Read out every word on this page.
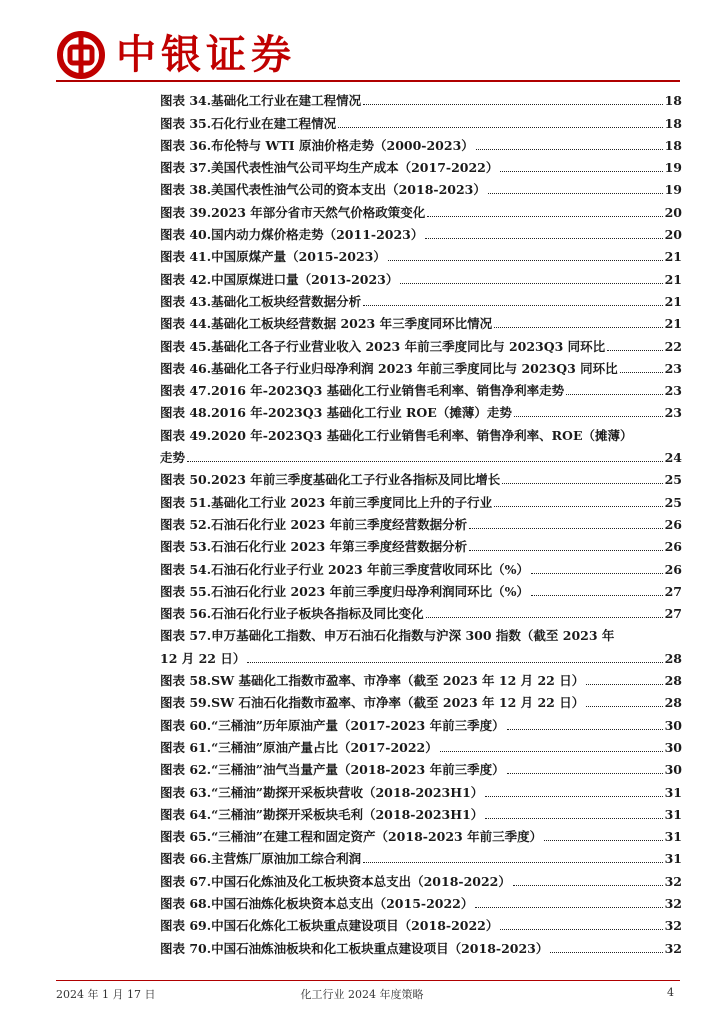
中银证券
图表 34. 基础化工行业在建工程情况	18
图表 35. 石化行业在建工程情况	18
图表 36. 布伦特与 WTI 原油价格走势（2000-2023）	18
图表 37. 美国代表性油气公司平均生产成本（2017-2022）	19
图表 38. 美国代表性油气公司的资本支出（2018-2023）	19
图表 39. 2023 年部分省市天然气价格政策变化	20
图表 40. 国内动力煤价格走势（2011-2023）	20
图表 41. 中国原煤产量（2015-2023）	21
图表 42. 中国原煤进口量（2013-2023）	21
图表 43. 基础化工板块经营数据分析	21
图表 44. 基础化工板块经营数据 2023 年三季度同环比情况	21
图表 45. 基础化工各子行业营业收入 2023 年前三季度同比与 2023Q3 同环比	22
图表 46. 基础化工各子行业归母净利润 2023 年前三季度同比与 2023Q3 同环比	23
图表 47. 2016 年-2023Q3 基础化工行业销售毛利率、销售净利率走势	23
图表 48. 2016 年-2023Q3 基础化工行业 ROE（摊薄）走势	23
图表 49. 2020 年-2023Q3 基础化工行业销售毛利率、销售净利率、ROE（摊薄）
走势	24
图表 50. 2023 年前三季度基础化工子行业各指标及同比增长	25
图表 51. 基础化工行业 2023 年前三季度同比上升的子行业	25
图表 52. 石油石化行业 2023 年前三季度经营数据分析	26
图表 53. 石油石化行业 2023 年第三季度经营数据分析	26
图表 54. 石油石化行业子行业 2023 年前三季度营收同环比（%）	26
图表 55. 石油石化行业 2023 年前三季度归母净利润同环比（%）	27
图表 56. 石油石化行业子板块各指标及同比变化	27
图表 57. 申万基础化工指数、申万石油石化指数与沪深 300 指数（截至 2023 年
12 月 22 日）	28
图表 58. SW 基础化工指数市盈率、市净率（截至 2023 年 12 月 22 日）	28
图表 59. SW 石油石化指数市盈率、市净率（截至 2023 年 12 月 22 日）	28
图表 60. “三桶油”历年原油产量（2017-2023 年前三季度）	30
图表 61. “三桶油”原油产量占比（2017-2022）	30
图表 62. “三桶油”油气当量产量（2018-2023 年前三季度）	30
图表 63. “三桶油”勘探开采板块营收（2018-2023H1）	31
图表 64. “三桶油”勘探开采板块毛利（2018-2023H1）	31
图表 65. “三桶油”在建工程和固定资产（2018-2023 年前三季度）	31
图表 66. 主营炼厂原油加工综合利润	31
图表 67. 中国石化炼油及化工板块资本总支出（2018-2022）	32
图表 68. 中国石油炼化板块资本总支出（2015-2022）	32
图表 69. 中国石化炼化工板块重点建设项目（2018-2022）	32
图表 70. 中国石油炼油板块和化工板块重点建设项目（2018-2023）	32
2024 年 1 月 17 日	化工行业 2024 年度策略	4
